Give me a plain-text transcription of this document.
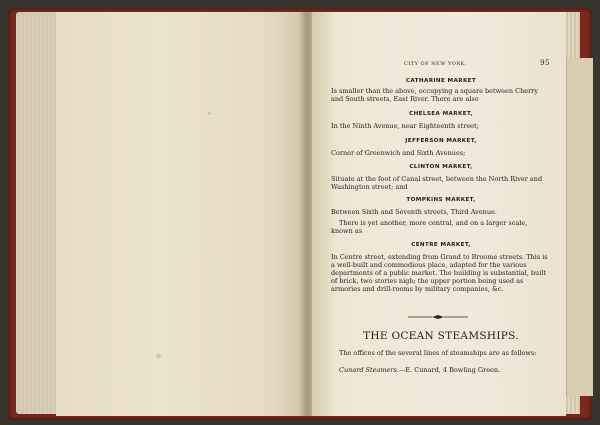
CITY OF NEW YORK.	95
CATHARINE MARKET
Is smaller than the above, occupying a square between Cherry and South streets, East River. There are also
CHELSEA MARKET,
In the Ninth Avenue, near Eighteenth street;
JEFFERSON MARKET,
Corner of Greenwich and Sixth Avenues;
CLINTON MARKET,
Situate at the foot of Canal street, between the North River and Washington street; and
TOMPKINS MARKET,
Between Sixth and Seventh streets, Third Avenue.
There is yet another, more central, and on a larger scale, known as
CENTRE MARKET,
In Centre street, extending from Grand to Broome streets. This is a well-built and commodious place, adapted for the various departments of a public market. The building is substantial, built of brick, two stories nigh; the upper portion being used as armories and drill-rooms by military companies, &c.
THE OCEAN STEAMSHIPS.
The offices of the several lines of steamships are as follows:
Cunard Steamers.—E. Cunard, 4 Bowling Green.
